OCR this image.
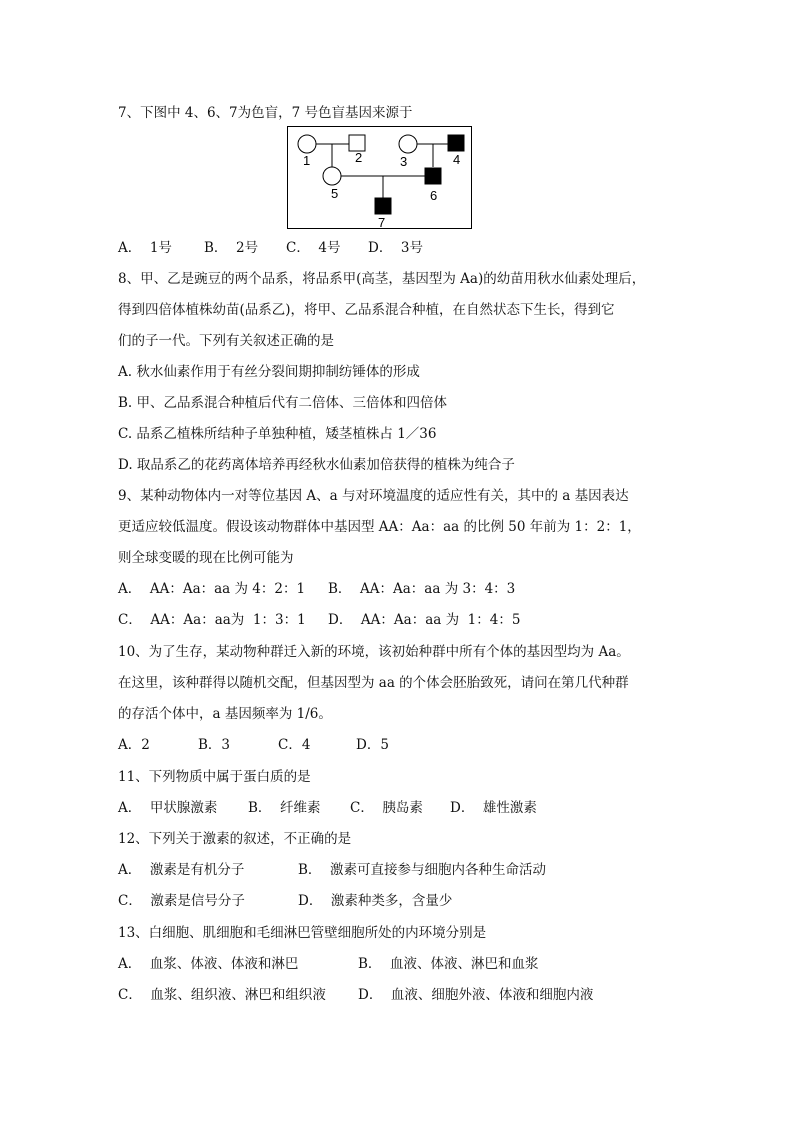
7、下图中 4、6、7为色盲，7 号色盲基因来源于
1	2	3	4
5	6
7
A．  1号 B．  2号 C．  4号 D．  3号
8、甲、乙是豌豆的两个品系，将品系甲(高茎，基因型为 Aa)的幼苗用秋水仙素处理后，
得到四倍体植株幼苗(品系乙)，将甲、乙品系混合种植，在自然状态下生长，得到它
们的子一代。下列有关叙述正确的是
A. 秋水仙素作用于有丝分裂间期抑制纺锤体的形成
B. 甲、乙品系混合种植后代有二倍体、三倍体和四倍体
C. 品系乙植株所结种子单独种植，矮茎植株占 1／36
D. 取品系乙的花药离体培养再经秋水仙素加倍获得的植株为纯合子
9、某种动物体内一对等位基因 A、a 与对环境温度的适应性有关，其中的 a 基因表达
更适应较低温度。假设该动物群体中基因型 AA：Aa：aa 的比例 50 年前为 1：2：1，
则全球变暖的现在比例可能为
A．  AA：Aa：aa 为 4：2：1 B．  AA：Aa：aa 为 3：4：3
C．  AA：Aa：aa为  1：3：1 D．  AA：Aa：aa 为  1：4：5
10、为了生存，某动物种群迁入新的环境，该初始种群中所有个体的基因型均为 Aa。
在这里，该种群得以随机交配，但基因型为 aa 的个体会胚胎致死，请问在第几代种群
的存活个体中，a 基因频率为 1/6。
A．2	B．3	C．4	D．5
11、下列物质中属于蛋白质的是
A．  甲状腺激素 B．  纤维素 C．  胰岛素 D．  雄性激素
12、下列关于激素的叙述，不正确的是
A．  激素是有机分子	B．  激素可直接参与细胞内各种生命活动
C．  激素是信号分子	D．  激素种类多，含量少
13、白细胞、肌细胞和毛细淋巴管壁细胞所处的内环境分别是
A．  血浆、体液、体液和淋巴	B．  血液、体液、淋巴和血浆
C．  血浆、组织液、淋巴和组织液 D．  血液、细胞外液、体液和细胞内液
